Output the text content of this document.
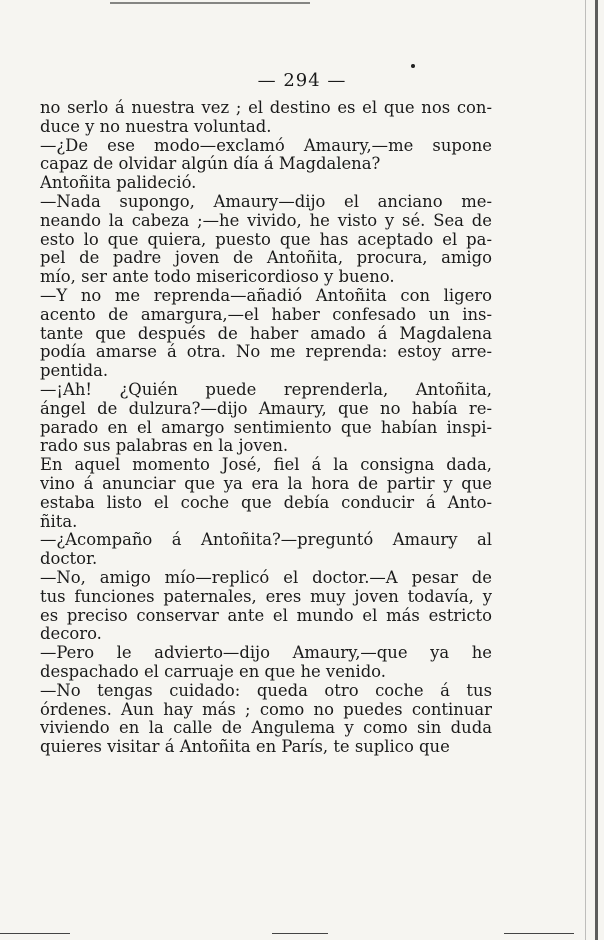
— 294 —
no serlo á nuestra vez ; el destino es el que nos con-
duce y no nuestra voluntad.
—¿De ese modo—exclamó Amaury,—me supone
capaz de olvidar algún día á Magdalena?
Antoñita palideció.
—Nada supongo, Amaury—dijo el anciano me-
neando la cabeza ;—he vivido, he visto y sé. Sea de
esto lo que quiera, puesto que has aceptado el pa-
pel de padre joven de Antoñita, procura, amigo
mío, ser ante todo misericordioso y bueno.
—Y no me reprenda—añadió Antoñita con ligero
acento de amargura,—el haber confesado un ins-
tante que después de haber amado á Magdalena
podía amarse á otra. No me reprenda: estoy arre-
pentida.
—¡Ah! ¿Quién puede reprenderla, Antoñita,
ángel de dulzura?—dijo Amaury, que no había re-
parado en el amargo sentimiento que habían inspi-
rado sus palabras en la joven.
En aquel momento José, fiel á la consigna dada,
vino á anunciar que ya era la hora de partir y que
estaba listo el coche que debía conducir á Anto-
ñita.
—¿Acompaño á Antoñita?—preguntó Amaury al
doctor.
—No, amigo mío—replicó el doctor.—A pesar de
tus funciones paternales, eres muy joven todavía, y
es preciso conservar ante el mundo el más estricto
decoro.
—Pero le advierto—dijo Amaury,—que ya he
despachado el carruaje en que he venido.
—No tengas cuidado: queda otro coche á tus
órdenes. Aun hay más ; como no puedes continuar
viviendo en la calle de Angulema y como sin duda
quieres visitar á Antoñita en París, te suplico que
